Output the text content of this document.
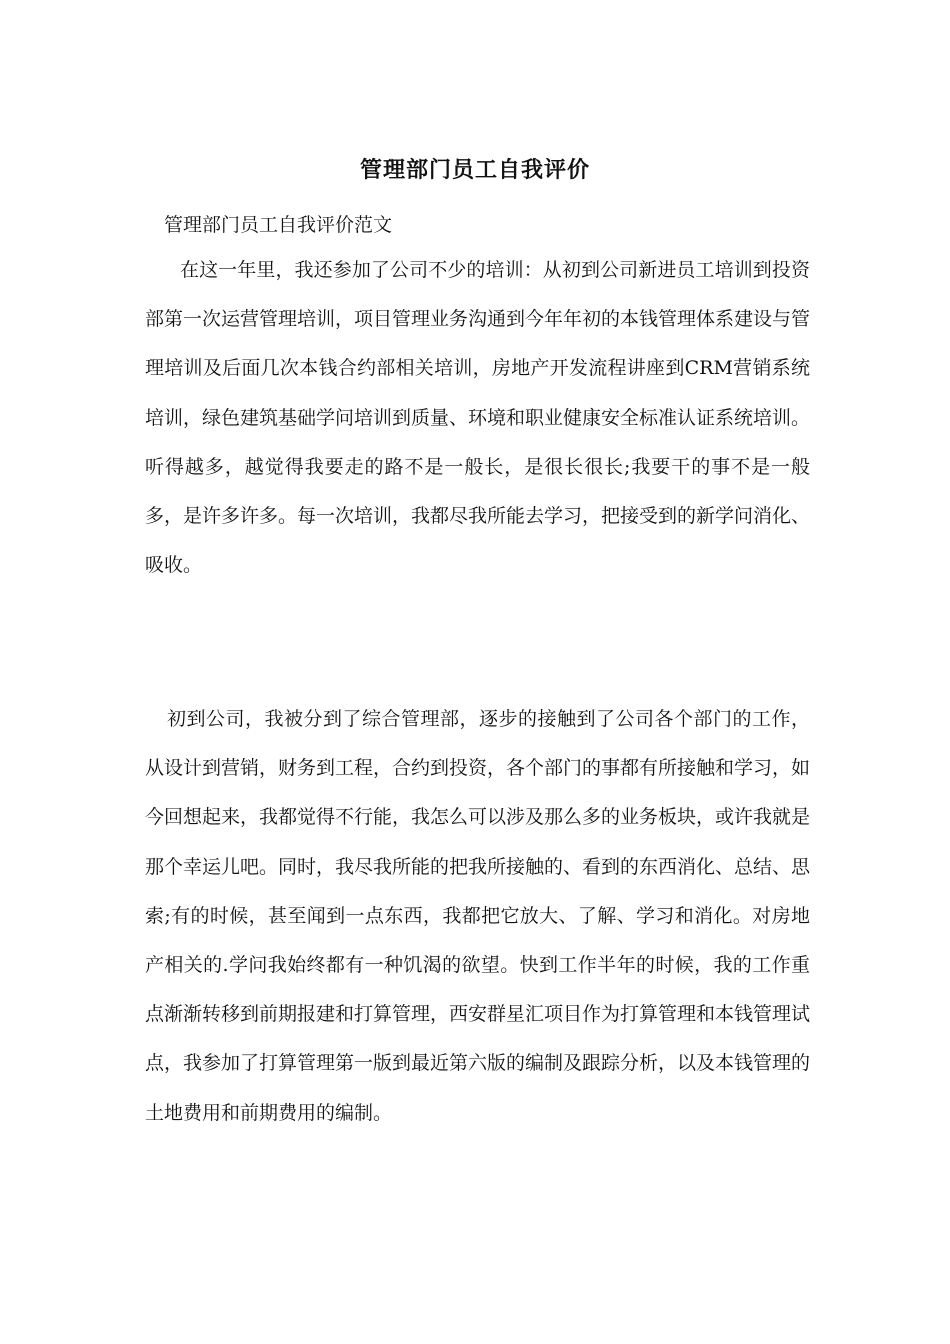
管理部门员工自我评价
管理部门员工自我评价范文

在这一年里，我还参加了公司不少的培训：从初到公司新进员工培训到投资部第一次运营管理培训，项目管理业务沟通到今年年初的本钱管理体系建设与管理培训及后面几次本钱合约部相关培训，房地产开发流程讲座到CRM营销系统培训，绿色建筑基础学问培训到质量、环境和职业健康安全标准认证系统培训。听得越多，越觉得我要走的路不是一般长，是很长很长;我要干的事不是一般多，是许多许多。每一次培训，我都尽我所能去学习，把接受到的新学问消化、吸收。

初到公司，我被分到了综合管理部，逐步的接触到了公司各个部门的工作，从设计到营销，财务到工程，合约到投资，各个部门的事都有所接触和学习，如今回想起来，我都觉得不行能，我怎么可以涉及那么多的业务板块，或许我就是那个幸运儿吧。同时，我尽我所能的把我所接触的、看到的东西消化、总结、思索;有的时候，甚至闻到一点东西，我都把它放大、了解、学习和消化。对房地产相关的.学问我始终都有一种饥渴的欲望。快到工作半年的时候，我的工作重点渐渐转移到前期报建和打算管理，西安群星汇项目作为打算管理和本钱管理试点，我参加了打算管理第一版到最近第六版的编制及跟踪分析，以及本钱管理的土地费用和前期费用的编制。
